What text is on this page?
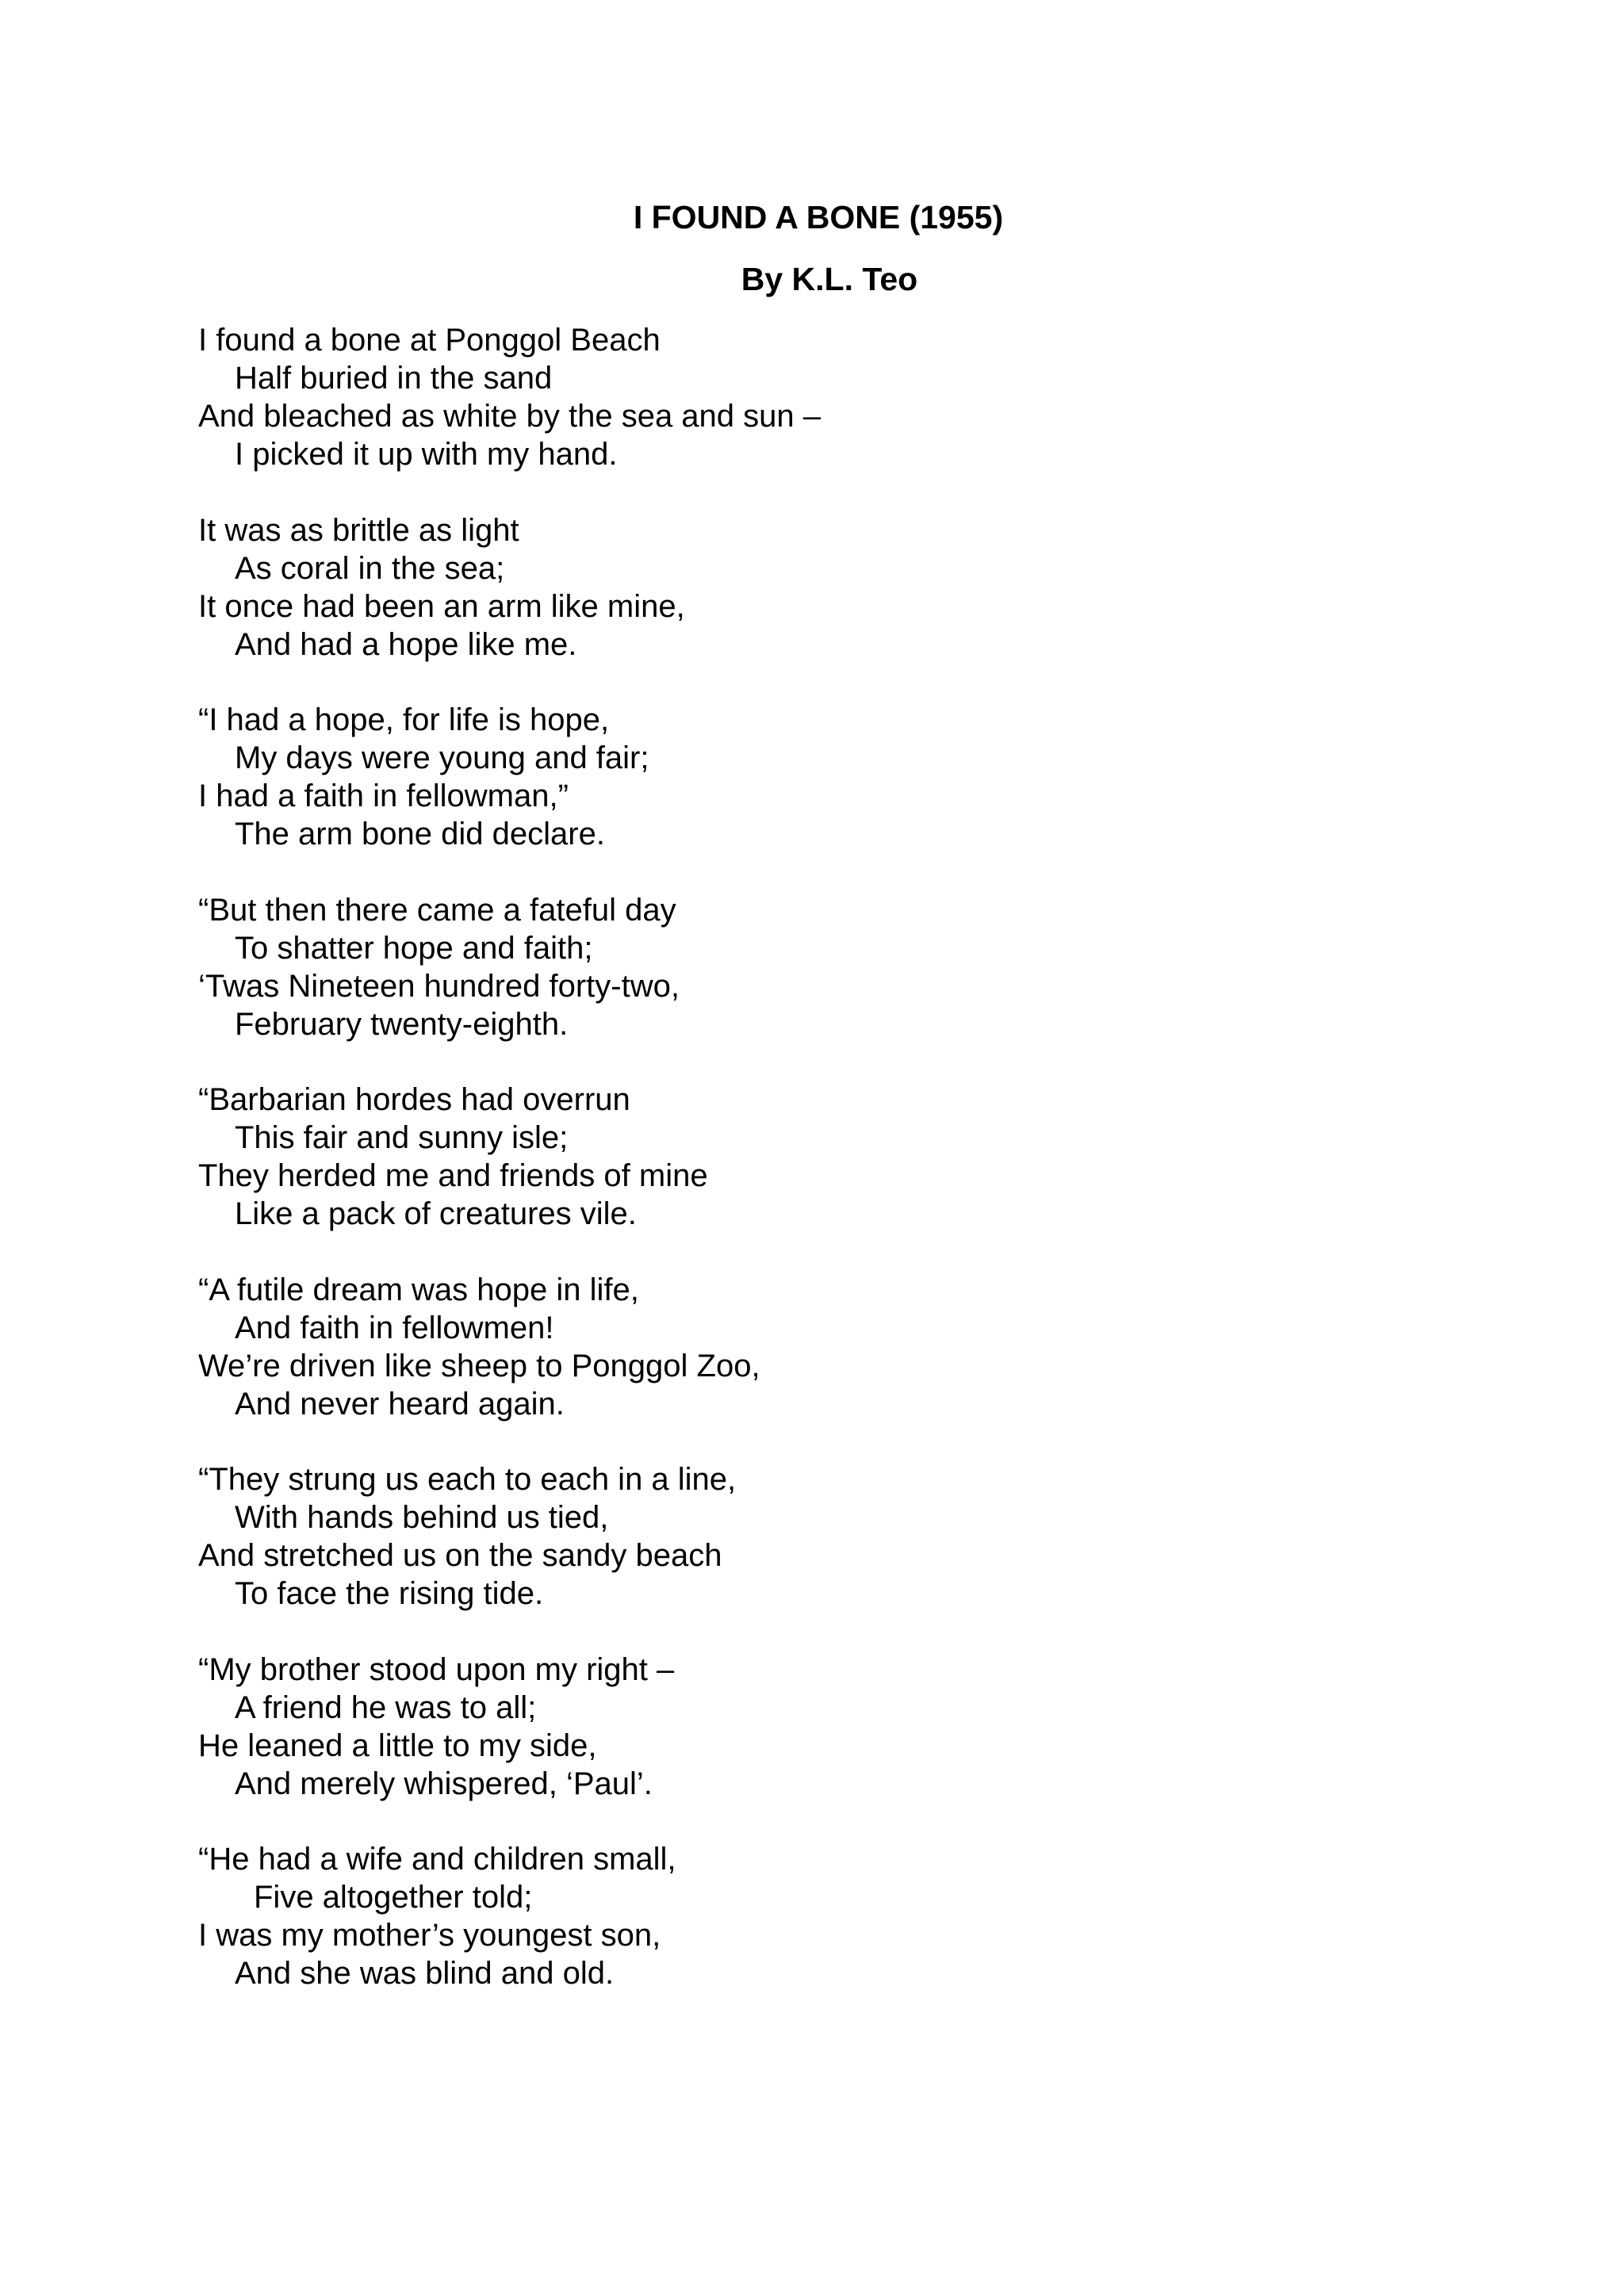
I FOUND A BONE (1955)
By K.L. Teo

I found a bone at Ponggol Beach

Half buried in the sand

And bleached as white by the sea and sun –

I picked it up with my hand.

It was as brittle as light

As coral in the sea;

It once had been an arm like mine,

And had a hope like me.

“I had a hope, for life is hope,

My days were young and fair;

I had a faith in fellowman,”

The arm bone did declare.

“But then there came a fateful day

To shatter hope and faith;

‘Twas Nineteen hundred forty-two,

February twenty-eighth.

“Barbarian hordes had overrun

This fair and sunny isle;

They herded me and friends of mine

Like a pack of creatures vile.

“A futile dream was hope in life,

And faith in fellowmen!

We’re driven like sheep to Ponggol Zoo,

And never heard again.

“They strung us each to each in a line,

With hands behind us tied,

And stretched us on the sandy beach

To face the rising tide.

“My brother stood upon my right –

A friend he was to all;

He leaned a little to my side,

And merely whispered, ‘Paul’.

“He had a wife and children small,

Five altogether told;

I was my mother’s youngest son,

And she was blind and old.
